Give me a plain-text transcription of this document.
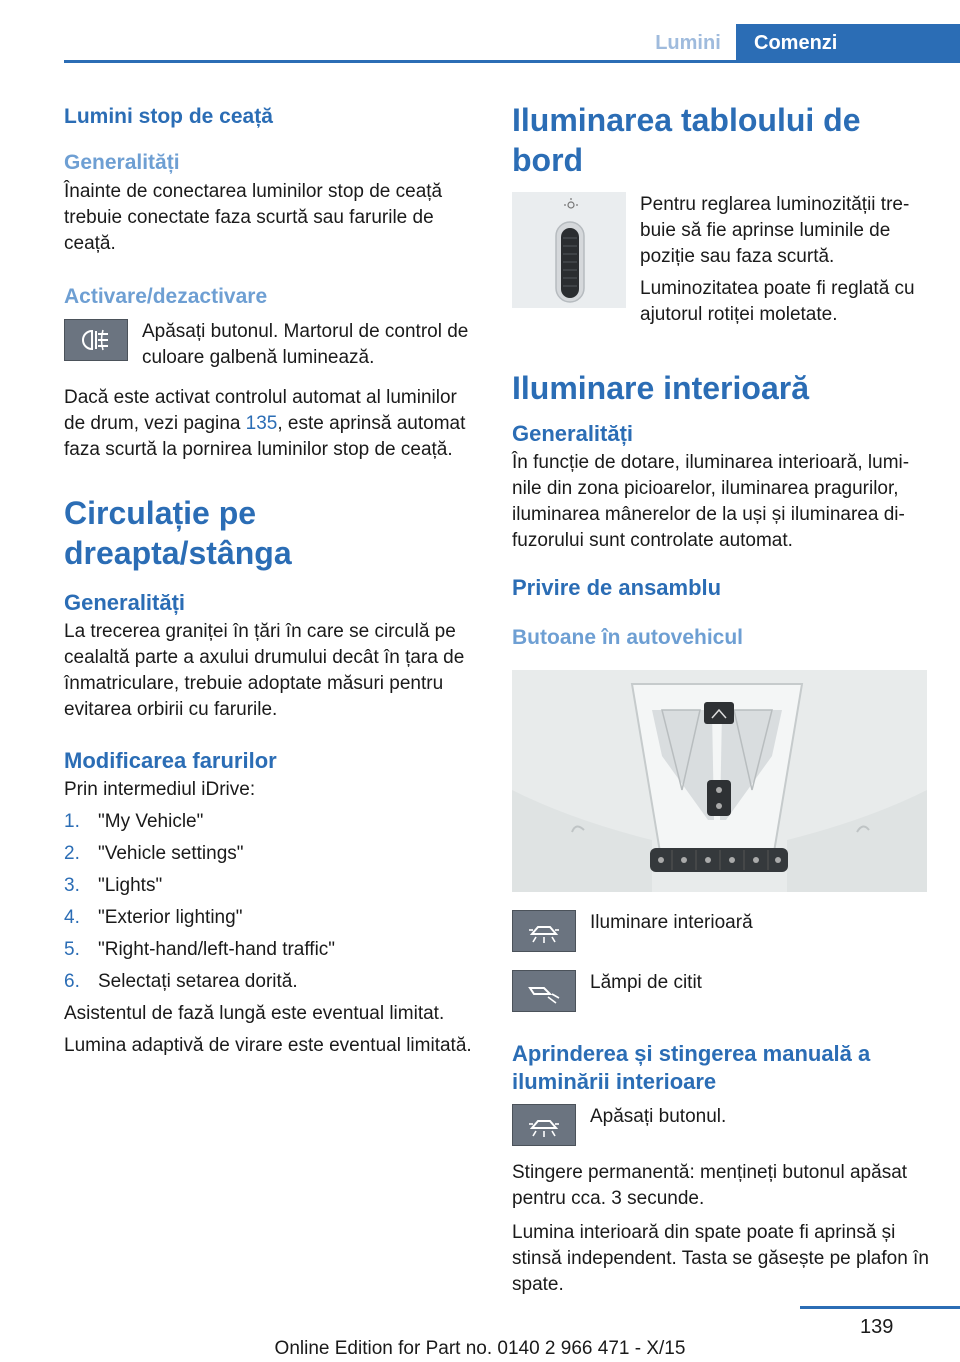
Lumini	Comenzi
Lumini stop de ceață
Generalități
Înainte de conectarea luminilor stop de ceață trebuie conectate faza scurtă sau farurile de ceață.
Activare/dezactivare
Apăsați butonul. Martorul de control de culoare galbenă luminează.
Dacă este activat controlul automat al luminilor de drum, vezi pagina 135, este aprinsă automat faza scurtă la pornirea luminilor stop de ceață.
Circulație pe dreapta/stânga
Generalități
La trecerea graniței în țări în care se circulă pe cealaltă parte a axului drumului decât în țara de înmatriculare, trebuie adoptate măsuri pentru evitarea orbirii cu farurile.
Modificarea farurilor
Prin intermediul iDrive:
1. "My Vehicle"
2. "Vehicle settings"
3. "Lights"
4. "Exterior lighting"
5. "Right-hand/left-hand traffic"
6. Selectați setarea dorită.
Asistentul de fază lungă este eventual limitat.
Lumina adaptivă de virare este eventual limitată.
Iluminarea tabloului de bord
Pentru reglarea luminozității trebuie să fie aprinse luminile de poziție sau faza scurtă.
Luminozitatea poate fi reglată cu ajutorul rotiței moletate.
Iluminare interioară
Generalități
În funcție de dotare, iluminarea interioară, luminile din zona picioarelor, iluminarea pragurilor, iluminarea mânerelor de la uși și iluminarea difuzorului sunt controlate automat.
Privire de ansamblu
Butoane în autovehicul
Iluminare interioară
Lămpi de citit
Aprinderea și stingerea manuală a iluminării interioare
Apăsați butonul.
Stingere permanentă: mențineți butonul apăsat pentru cca. 3 secunde.
Lumina interioară din spate poate fi aprinsă și stinsă independent. Tasta se găsește pe plafon în spate.
139
Online Edition for Part no. 0140 2 966 471 - X/15
